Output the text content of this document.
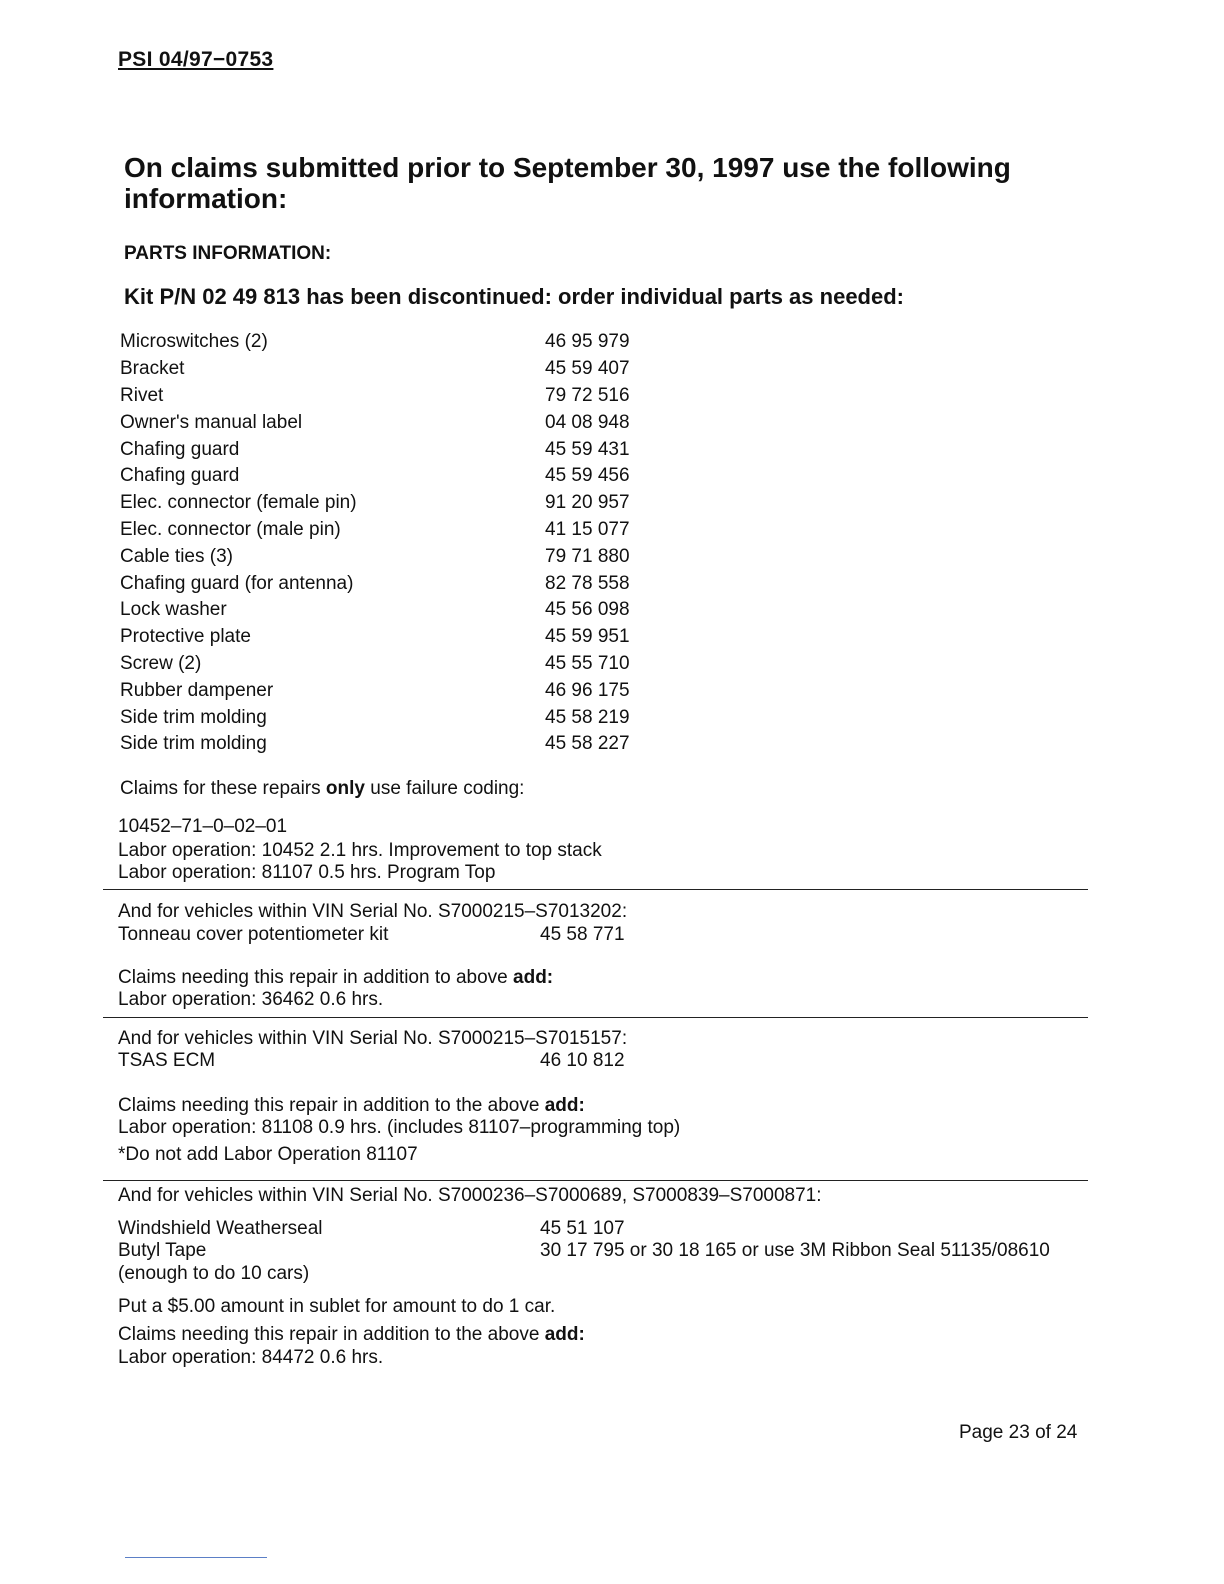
PSI 04/97−0753
On claims submitted prior to September 30, 1997 use the following information:
PARTS INFORMATION:
Kit P/N 02 49 813 has been discontinued: order individual parts as needed:
Microswitches (2)	46 95 979
Bracket	45 59 407
Rivet	79 72 516
Owner's manual label	04 08 948
Chafing guard	45 59 431
Chafing guard	45 59 456
Elec. connector (female pin)	91 20 957
Elec. connector (male pin)	41 15 077
Cable ties (3)	79 71 880
Chafing guard (for antenna)	82 78 558
Lock washer	45 56 098
Protective plate	45 59 951
Screw (2)	45 55 710
Rubber dampener	46 96 175
Side trim molding	45 58 219
Side trim molding	45 58 227
Claims for these repairs only use failure coding:
10452–71–0–02–01
Labor operation: 10452 2.1 hrs. Improvement to top stack
Labor operation: 81107 0.5 hrs. Program Top
And for vehicles within VIN Serial No. S7000215–S7013202:
Tonneau cover potentiometer kit	45 58 771
Claims needing this repair in addition to above add:
Labor operation: 36462 0.6 hrs.
And for vehicles within VIN Serial No. S7000215–S7015157:
TSAS ECM	46 10 812
Claims needing this repair in addition to the above add:
Labor operation: 81108 0.9 hrs. (includes 81107–programming top)
*Do not add Labor Operation 81107
And for vehicles within VIN Serial No. S7000236–S7000689, S7000839–S7000871:
Windshield Weatherseal	45 51 107
Butyl Tape	30 17 795 or 30 18 165 or use 3M Ribbon Seal 51135/08610
(enough to do 10 cars)
Put a $5.00 amount in sublet for amount to do 1 car.
Claims needing this repair in addition to the above add:
Labor operation: 84472 0.6 hrs.
Page 23 of 24
